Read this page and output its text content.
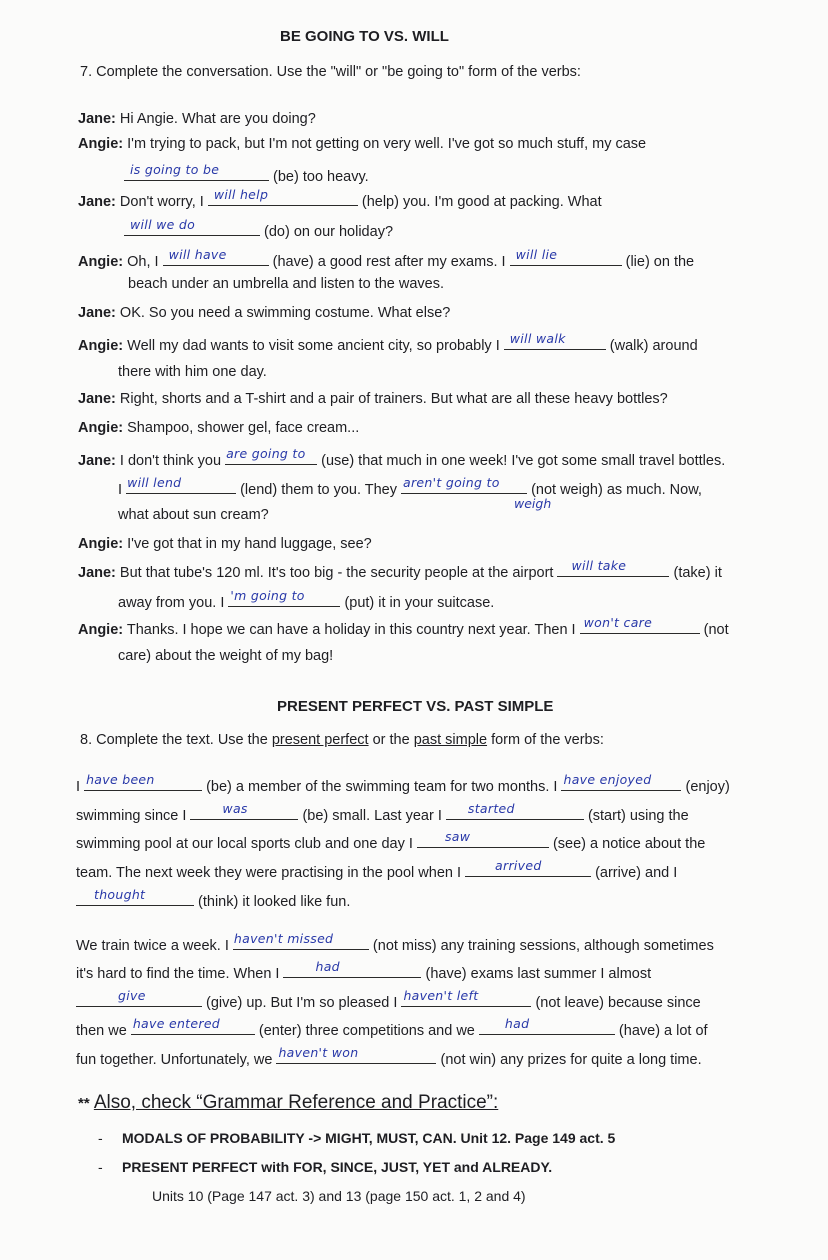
BE GOING TO VS. WILL
7. Complete the conversation. Use the "will" or "be going to" form of the verbs:
Jane: Hi Angie. What are you doing?
Angie: I'm trying to pack, but I'm not getting on very well. I've got so much stuff, my case
is going to be	(be) too heavy.
Jane: Don't worry, I will help	(help) you. I'm good at packing. What
will we do	(do) on our holiday?
Angie: Oh, I will have	(have) a good rest after my exams. I will lie	(lie) on the
beach under an umbrella and listen to the waves.
Jane: OK. So you need a swimming costume. What else?
Angie: Well my dad wants to visit some ancient city, so probably I will walk	(walk) around
there with him one day.
Jane: Right, shorts and a T-shirt and a pair of trainers. But what are all these heavy bottles?
Angie: Shampoo, shower gel, face cream...
Jane: I don't think you are going to (use) that much in one week! I've got some small travel bottles.
I will lend	(lend) them to you. They aren't going to (not weigh) as much. Now,
weigh
what about sun cream?
Angie: I've got that in my hand luggage, see?
Jane: But that tube's 120 ml. It's too big - the security people at the airport will take	(take) it
away from you. I 'm going to	(put) it in your suitcase.
Angie: Thanks. I hope we can have a holiday in this country next year. Then I won't care	(not
care) about the weight of my bag!
PRESENT PERFECT VS. PAST SIMPLE
8. Complete the text. Use the present perfect or the past simple form of the verbs:
I have been	(be) a member of the swimming team for two months. I have enjoyed (enjoy)
swimming since I	was	(be) small. Last year I started	(start) using the
swimming pool at our local sports club and one day I	saw	(see) a notice about the
team. The next week they were practising in the pool when I	arrived	(arrive) and I
thought	(think) it looked like fun.
We train twice a week. I haven't missed	(not miss) any training sessions, although sometimes
it's hard to find the time. When I	had	(have) exams last summer I almost
give	(give) up. But I'm so pleased I haven't left	(not leave) because since
then we have entered	(enter) three competitions and we had	(have) a lot of
fun together. Unfortunately, we haven't won	(not win) any prizes for quite a long time.
** Also, check “Grammar Reference and Practice”:
- MODALS OF PROBABILITY -> MIGHT, MUST, CAN. Unit 12. Page 149 act. 5
- PRESENT PERFECT with FOR, SINCE, JUST, YET and ALREADY.
Units 10 (Page 147 act. 3) and 13 (page 150 act. 1, 2 and 4)
